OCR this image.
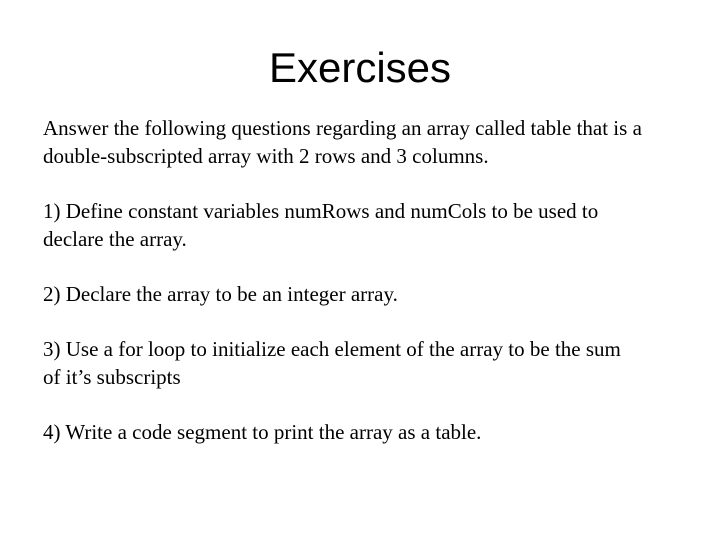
Exercises

Answer the following questions regarding an array called table that is a double-subscripted array with 2 rows and 3 columns.

1) Define constant variables numRows and numCols to be used to declare the array.

2) Declare the array to be an integer array.

3) Use a for loop to initialize each element of the array to be the sum of it’s subscripts

4) Write a code segment to print the array as a table.
